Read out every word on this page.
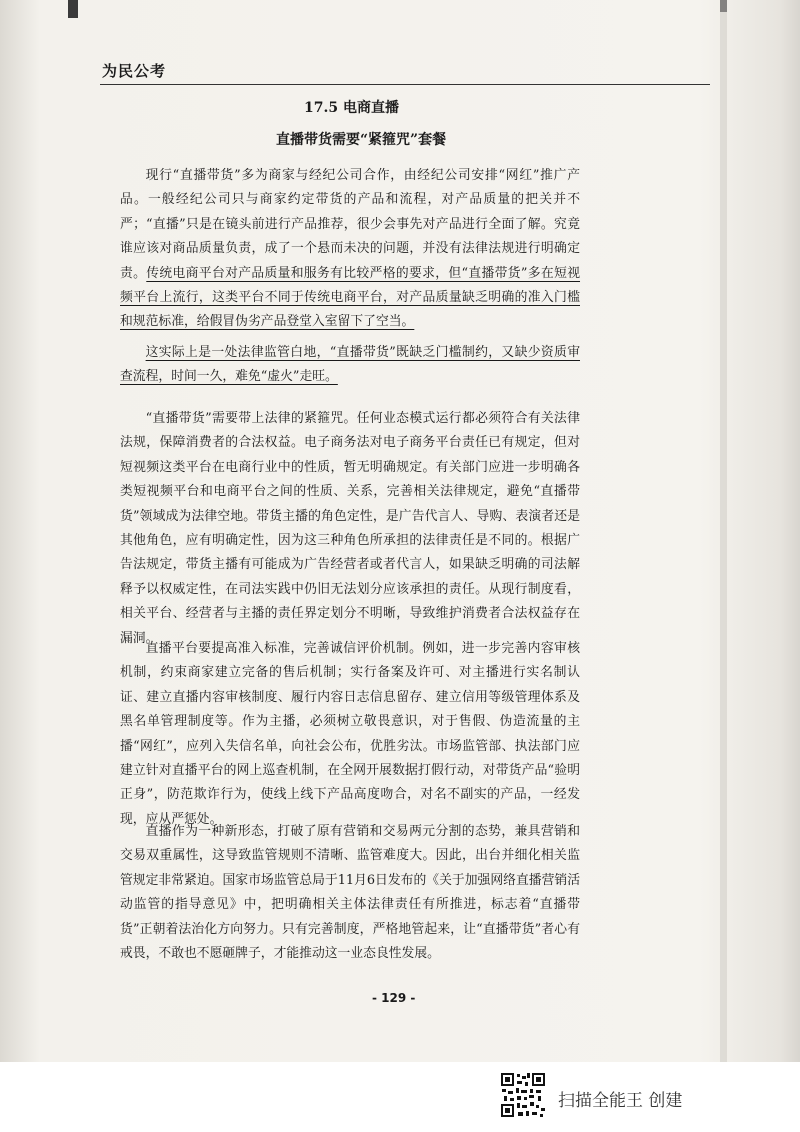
为民公考
17.5 电商直播
直播带货需要“紧箍咒”套餐

现行“直播带货”多为商家与经纪公司合作，由经纪公司安排“网红”推广产品。一般经纪公司只与商家约定带货的产品和流程，对产品质量的把关并不严；“直播”只是在镜头前进行产品推荐，很少会事先对产品进行全面了解。究竟谁应该对商品质量负责，成了一个悬而未决的问题，并没有法律法规进行明确定责。传统电商平台对产品质量和服务有比较严格的要求，但“直播带货”多在短视频平台上流行，这类平台不同于传统电商平台，对产品质量缺乏明确的准入门槛和规范标准，给假冒伪劣产品登堂入室留下了空当。

这实际上是一处法律监管白地，“直播带货”既缺乏门槛制约，又缺少资质审查流程，时间一久，难免“虚火”走旺。

“直播带货”需要带上法律的紧箍咒。任何业态模式运行都必须符合有关法律法规，保障消费者的合法权益。电子商务法对电子商务平台责任已有规定，但对短视频这类平台在电商行业中的性质，暂无明确规定。有关部门应进一步明确各类短视频平台和电商平台之间的性质、关系，完善相关法律规定，避免“直播带货”领域成为法律空地。带货主播的角色定性，是广告代言人、导购、表演者还是其他角色，应有明确定性，因为这三种角色所承担的法律责任是不同的。根据广告法规定，带货主播有可能成为广告经营者或者代言人，如果缺乏明确的司法解释予以权威定性，在司法实践中仍旧无法划分应该承担的责任。从现行制度看，相关平台、经营者与主播的责任界定划分不明晰，导致维护消费者合法权益存在漏洞。

直播平台要提高准入标准，完善诚信评价机制。例如，进一步完善内容审核机制，约束商家建立完备的售后机制；实行备案及许可、对主播进行实名制认证、建立直播内容审核制度、履行内容日志信息留存、建立信用等级管理体系及黑名单管理制度等。作为主播，必须树立敬畏意识，对于售假、伪造流量的主播“网红”，应列入失信名单，向社会公布，优胜劣汰。市场监管部、执法部门应建立针对直播平台的网上巡查机制，在全网开展数据打假行动，对带货产品“验明正身”，防范欺诈行为，使线上线下产品高度吻合，对名不副实的产品，一经发现，应从严惩处。

直播作为一种新形态，打破了原有营销和交易两元分割的态势，兼具营销和交易双重属性，这导致监管规则不清晰、监管难度大。因此，出台并细化相关监管规定非常紧迫。国家市场监管总局于11月6日发布的《关于加强网络直播营销活动监管的指导意见》中，把明确相关主体法律责任有所推进，标志着“直播带货”正朝着法治化方向努力。只有完善制度，严格地管起来，让“直播带货”者心有戒畏，不敢也不愿砸牌子，才能推动这一业态良性发展。

- 129 -
扫描全能王 创建
